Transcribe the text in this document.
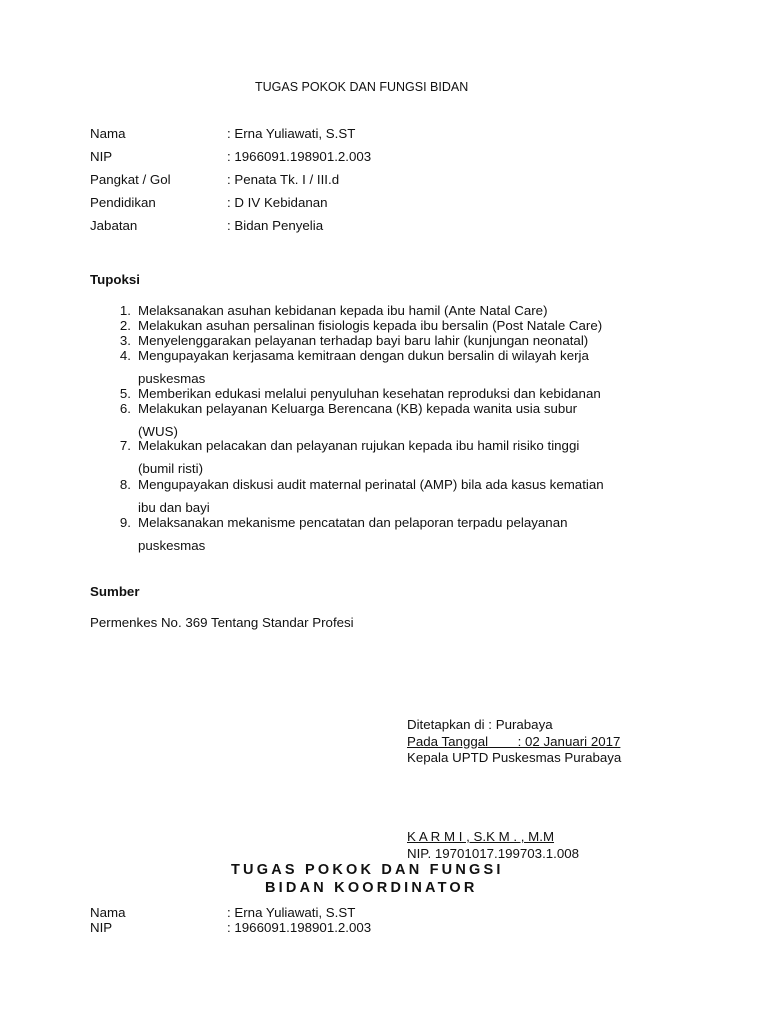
TUGAS POKOK DAN FUNGSI BIDAN
Nama	: Erna Yuliawati, S.ST
NIP	: 1966091.198901.2.003
Pangkat / Gol	: Penata Tk. I / III.d
Pendidikan	: D IV Kebidanan
Jabatan	: Bidan Penyelia
Tupoksi
1. Melaksanakan asuhan kebidanan kepada ibu hamil (Ante Natal Care)
2. Melakukan asuhan persalinan fisiologis kepada ibu bersalin (Post Natale Care)
3. Menyelenggarakan pelayanan terhadap bayi baru lahir (kunjungan neonatal)
4. Mengupayakan kerjasama kemitraan dengan dukun bersalin di wilayah kerja
puskesmas
5. Memberikan edukasi melalui penyuluhan kesehatan reproduksi dan kebidanan
6. Melakukan pelayanan Keluarga Berencana (KB) kepada wanita usia subur
(WUS)
7. Melakukan pelacakan dan pelayanan rujukan kepada ibu hamil risiko tinggi
(bumil risti)
8. Mengupayakan diskusi audit maternal perinatal (AMP) bila ada kasus kematian
ibu dan bayi
9. Melaksanakan mekanisme pencatatan dan pelaporan terpadu pelayanan
puskesmas
Sumber
Permenkes No. 369 Tentang Standar Profesi
Ditetapkan di : Purabaya
Pada Tanggal        : 02 Januari 2017
Kepala UPTD Puskesmas Purabaya
K A R M I , S.K M . , M.M
NIP. 19701017.199703.1.008
TUGAS POKOK DAN FUNGSI
BIDAN KOORDINATOR
Nama	: Erna Yuliawati, S.ST
NIP	: 1966091.198901.2.003
